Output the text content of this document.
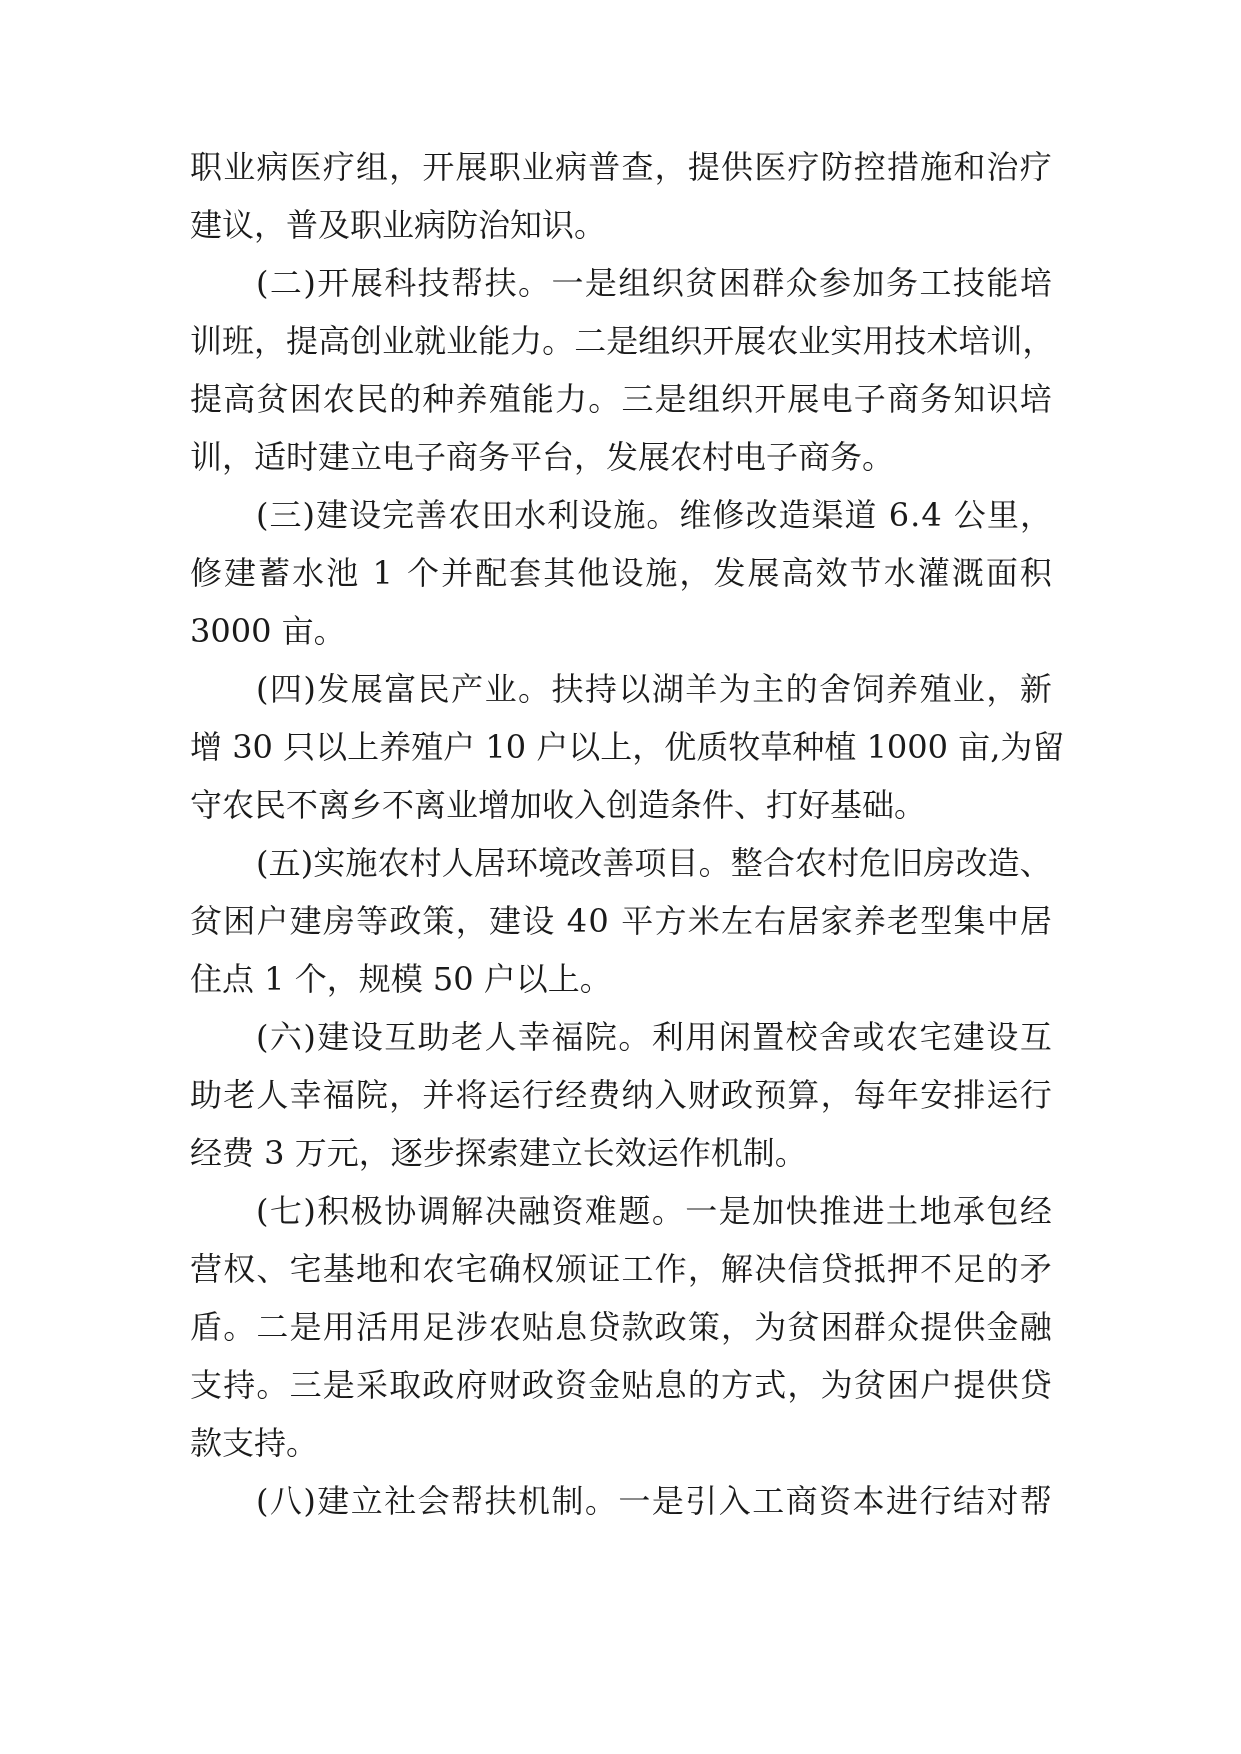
职 业 病 医 疗 组 ， 开 展 职 业 病 普 查 ， 提 供 医 疗 防 控 措 施 和 治 疗
建议，普及职业病防治知识。
( 二 ) 开 展 科 技 帮 扶 。 一 是 组 织 贫 困 群 众 参 加 务 工 技 能 培
训 班 ， 提 高 创 业 就 业 能 力 。 二 是 组 织 开 展 农 业 实 用 技 术 培 训 ，
提 高 贫 困 农 民 的 种 养 殖 能 力 。 三 是 组 织 开 展 电 子 商 务 知 识 培
训，适时建立电子商务平台，发展农村电子商务。
( 三 ) 建 设 完 善 农 田 水 利 设 施 。 维 修 改 造 渠 道
6 . 4
公 里 ，
修 建 蓄 水 池
1
个 并 配 套 其 他 设 施 ， 发 展 高 效 节 水 灌 溉 面 积
3000 亩。
( 四 ) 发 展 富 民 产 业 。 扶 持 以 湖 羊 为 主 的 舍 饲 养 殖 业 ， 新
增
3 0
只 以 上 养 殖 户
1 0
户 以 上 ， 优 质 牧 草 种 植
1 0 0 0
亩 , 为 留
守农民不离乡不离业增加收入创造条件、打好基础。
( 五 ) 实 施 农 村 人 居 环 境 改 善 项 目 。 整 合 农 村 危 旧 房 改 造 、
贫 困 户 建 房 等 政 策 ， 建 设
4 0
平 方 米 左 右 居 家 养 老 型 集 中 居
住点 1 个，规模 50 户以上。
( 六 ) 建 设 互 助 老 人 幸 福 院 。 利 用 闲 置 校 舍 或 农 宅 建 设 互
助 老 人 幸 福 院 ， 并 将 运 行 经 费 纳 入 财 政 预 算 ， 每 年 安 排 运 行
经费 3 万元，逐步探索建立长效运作机制。
( 七 ) 积 极 协 调 解 决 融 资 难 题 。 一 是 加 快 推 进 土 地 承 包 经
营 权 、 宅 基 地 和 农 宅 确 权 颁 证 工 作 ， 解 决 信 贷 抵 押 不 足 的 矛
盾 。 二 是 用 活 用 足 涉 农 贴 息 贷 款 政 策 ， 为 贫 困 群 众 提 供 金 融
支 持 。 三 是 采 取 政 府 财 政 资 金 贴 息 的 方 式 ， 为 贫 困 户 提 供 贷
款支持。
( 八 ) 建 立 社 会 帮 扶 机 制 。 一 是 引 入 工 商 资 本 进 行 结 对 帮
